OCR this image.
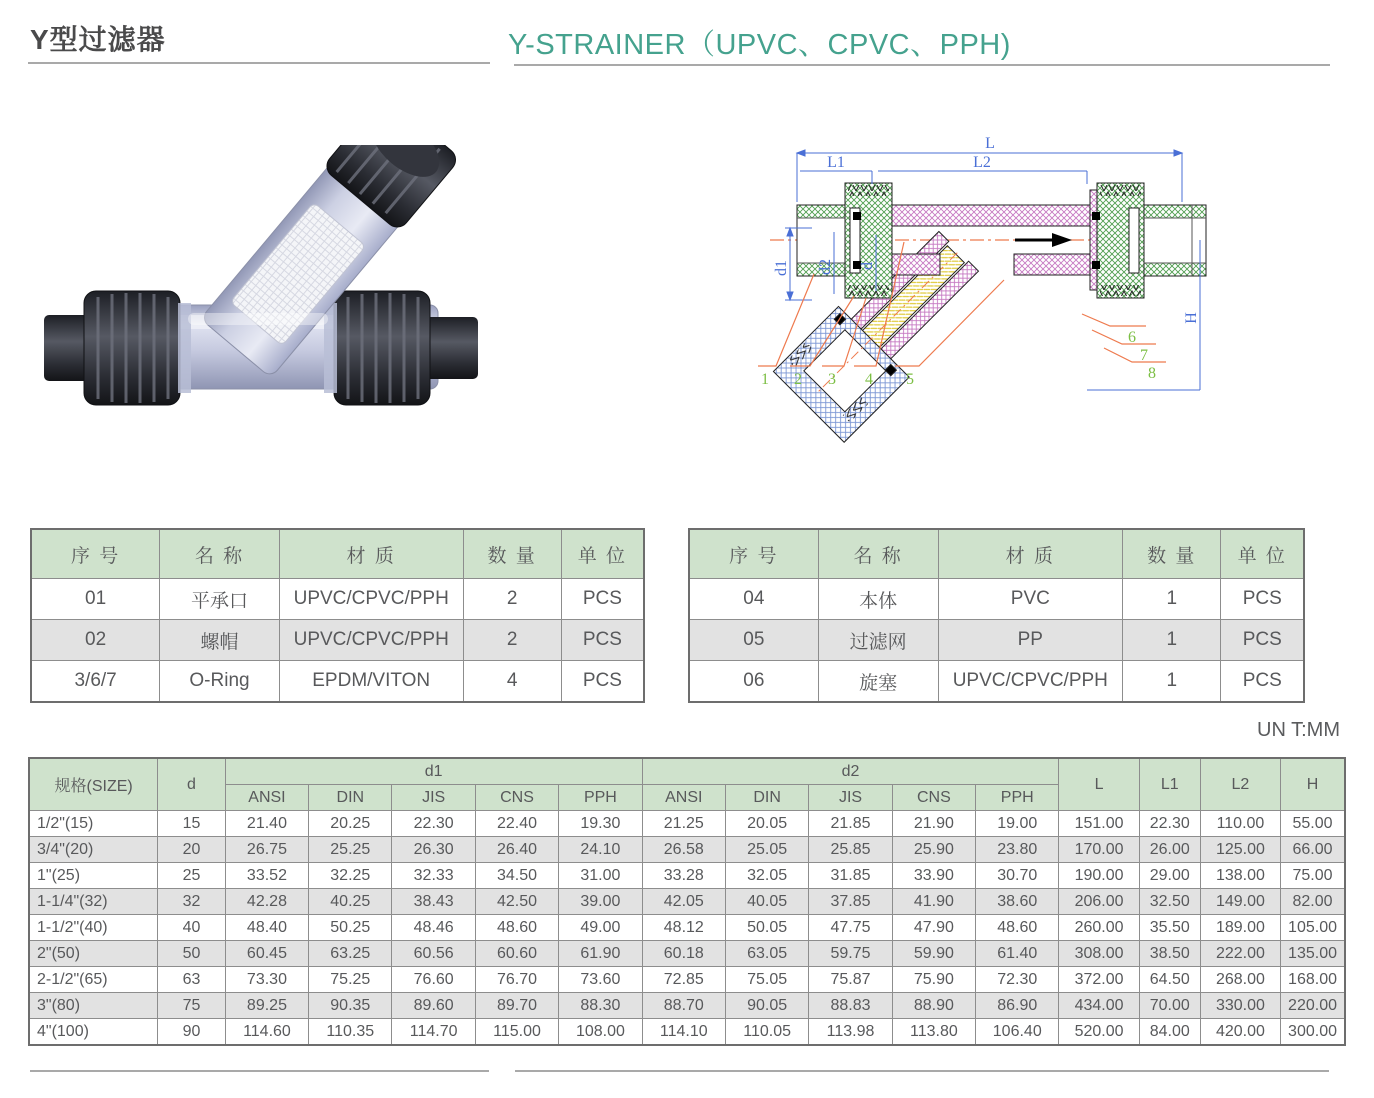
Y型过滤器	Y-STRAINER（UPVC、CPVC、PPH)
L
L1	L2
d1 d2 d
H
1 2 3 4 5
6
7
8
序 号	名 称	材 质	数 量	单 位
01	平承口	UPVC/CPVC/PPH	2	PCS
02	螺帽	UPVC/CPVC/PPH	2	PCS
3/6/7	O-Ring	EPDM/VITON	4	PCS
序 号	名 称	材 质	数 量	单 位
04	本体	PVC	1	PCS
05	过滤网	PP	1	PCS
06	旋塞	UPVC/CPVC/PPH	1	PCS
UN T:MM
规格(SIZE)	d	d1					d2					L	L1	L2	H
		ANSI	DIN	JIS	CNS	PPH	ANSI	DIN	JIS	CNS	PPH				
1/2"(15)	15	21.40	20.25	22.30	22.40	19.30	21.25	20.05	21.85	21.90	19.00	151.00	22.30	110.00	55.00
3/4"(20)	20	26.75	25.25	26.30	26.40	24.10	26.58	25.05	25.85	25.90	23.80	170.00	26.00	125.00	66.00
1"(25)	25	33.52	32.25	32.33	34.50	31.00	33.28	32.05	31.85	33.90	30.70	190.00	29.00	138.00	75.00
1-1/4"(32)	32	42.28	40.25	38.43	42.50	39.00	42.05	40.05	37.85	41.90	38.60	206.00	32.50	149.00	82.00
1-1/2"(40)	40	48.40	50.25	48.46	48.60	49.00	48.12	50.05	47.75	47.90	48.60	260.00	35.50	189.00	105.00
2"(50)	50	60.45	63.25	60.56	60.60	61.90	60.18	63.05	59.75	59.90	61.40	308.00	38.50	222.00	135.00
2-1/2"(65)	63	73.30	75.25	76.60	76.70	73.60	72.85	75.05	75.87	75.90	72.30	372.00	64.50	268.00	168.00
3"(80)	75	89.25	90.35	89.60	89.70	88.30	88.70	90.05	88.83	88.90	86.90	434.00	70.00	330.00	220.00
4"(100)	90	114.60	110.35	114.70	115.00	108.00	114.10	110.05	113.98	113.80	106.40	520.00	84.00	420.00	300.00
